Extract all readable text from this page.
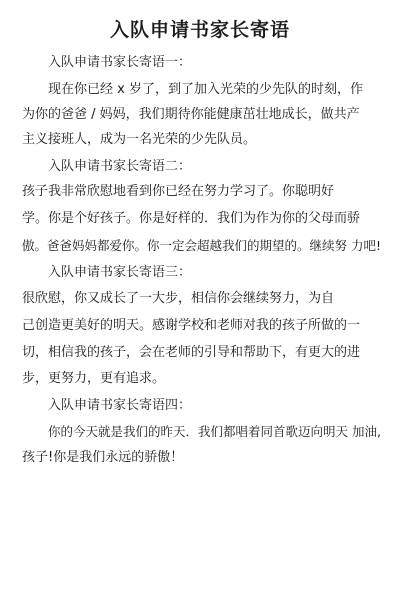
入队申请书家长寄语
入队申请书家长寄语一：
现在你已经 x 岁了，到了加入光荣的少先队的时刻，作
为你的爸爸 / 妈妈，我们期待你能健康茁壮地成长，做共产
主义接班人，成为一名光荣的少先队员。
入队申请书家长寄语二：
孩子我非常欣慰地看到你已经在努力学习了。你聪明好
学。你是个好孩子。你是好样的．我们为作为你的父母而骄
傲。爸爸妈妈都爱你。你一定会超越我们的期望的。继续努 力吧!
入队申请书家长寄语三：
很欣慰，你又成长了一大步，相信你会继续努力，为自
己创造更美好的明天。感谢学校和老师对我的孩子所做的一
切，相信我的孩子，会在老师的引导和帮助下，有更大的进
步，更努力，更有追求。
入队申请书家长寄语四：
你的今天就是我们的昨天．我们都唱着同首歌迈向明天 加油,
孩子!你是我们永远的骄傲！
